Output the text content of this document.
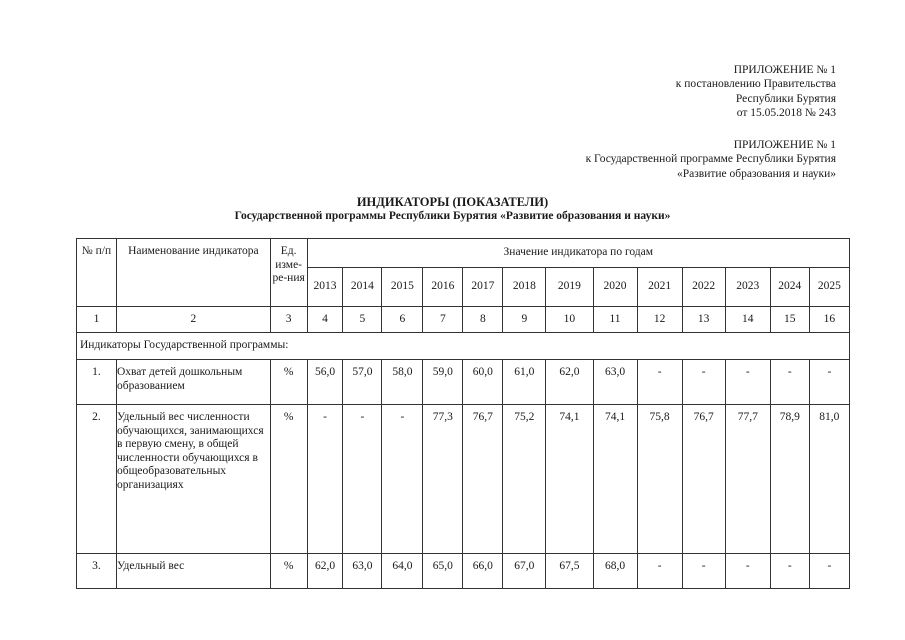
ПРИЛОЖЕНИЕ № 1
к постановлению Правительства
Республики Бурятия
от 15.05.2018 № 243
ПРИЛОЖЕНИЕ № 1
к Государственной программе Республики Бурятия
«Развитие образования и науки»
ИНДИКАТОРЫ (ПОКАЗАТЕЛИ)
Государственной программы Республики Бурятия «Развитие образования и науки»
№ п/п	Наименование индикатора	Ед. изме-ре-ния	Значение индикатора по годам												
			2013	2014	2015	2016	2017	2018	2019	2020	2021	2022	2023	2024	2025
1	2	3	4	5	6	7	8	9	10	11	12	13	14	15	16
Индикаторы Государственной программы:															
1.	Охват детей дошкольным образованием	%	56,0	57,0	58,0	59,0	60,0	61,0	62,0	63,0	-	-	-	-	-
2.	Удельный вес численности обучающихся, занимающихся в первую смену, в общей численности обучающихся в общеобразовательных организациях	%	-	-	-	77,3	76,7	75,2	74,1	74,1	75,8	76,7	77,7	78,9	81,0
3.	Удельный вес	%	62,0	63,0	64,0	65,0	66,0	67,0	67,5	68,0	-	-	-	-	-
